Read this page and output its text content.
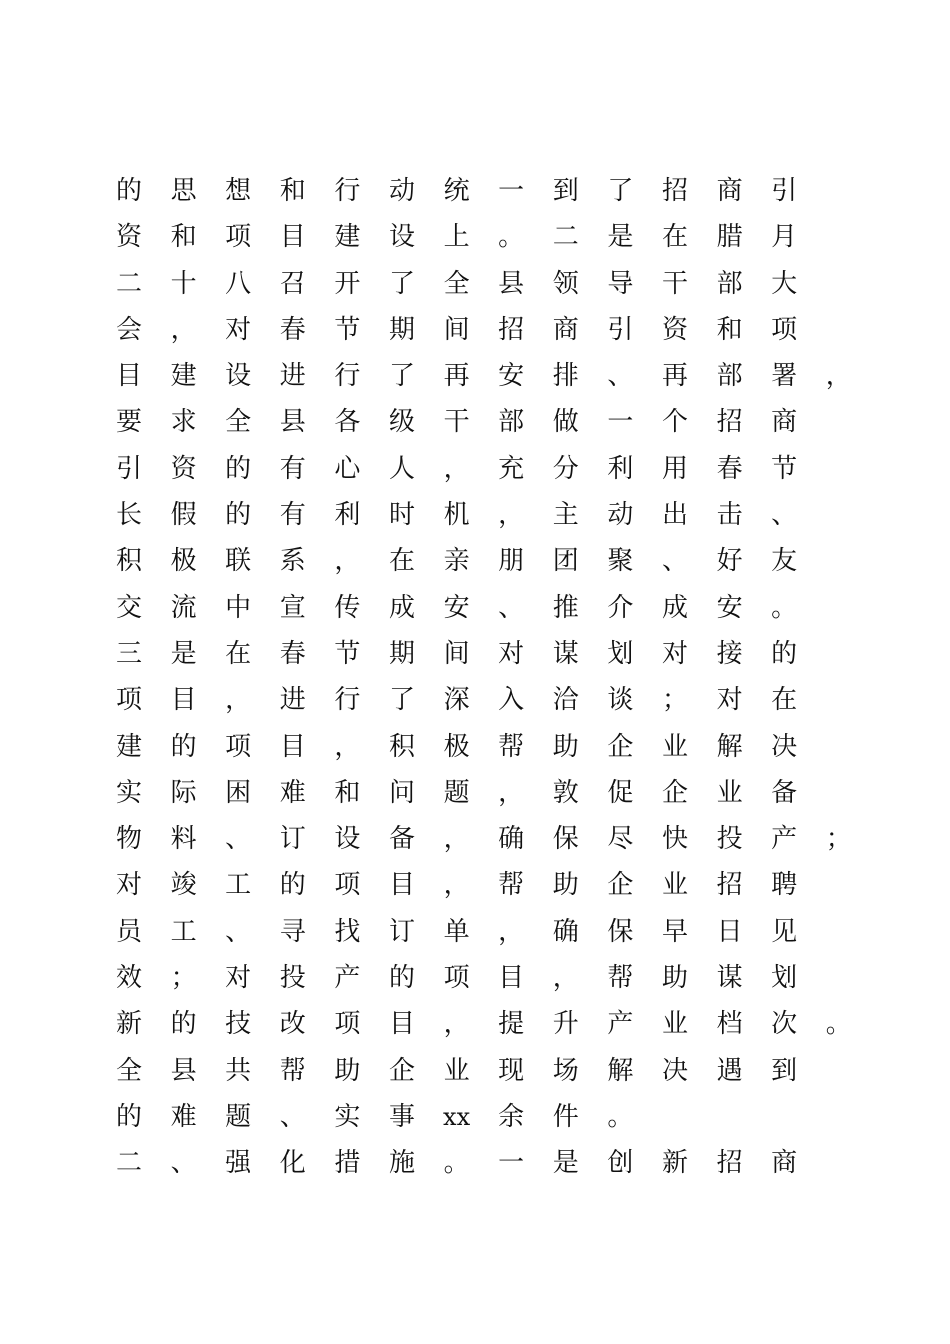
的 思 想 和 行 动 统 一 到 了 招 商 引
资 和 项 目 建 设 上 。 二 是 在 腊 月
二 十 八 召 开 了 全 县 领 导 干 部 大
会 ， 对 春 节 期 间 招 商 引 资 和 项
目 建 设 进 行 了 再 安 排 、 再 部 署 ，
要 求 全 县 各 级 干 部 做 一 个 招 商
引 资 的 有 心 人 ， 充 分 利 用 春 节
长 假 的 有 利 时 机 ， 主 动 出 击 、
积 极 联 系 ， 在 亲 朋 团 聚 、 好 友
交 流 中 宣 传 成 安 、 推 介 成 安 。
三 是 在 春 节 期 间 对 谋 划 对 接 的
项 目 ， 进 行 了 深 入 洽 谈 ； 对 在
建 的 项 目 ， 积 极 帮 助 企 业 解 决
实 际 困 难 和 问 题 ， 敦 促 企 业 备
物 料 、 订 设 备 ， 确 保 尽 快 投 产 ；
对 竣 工 的 项 目 ， 帮 助 企 业 招 聘
员 工 、 寻 找 订 单 ， 确 保 早 日 见
效 ； 对 投 产 的 项 目 ， 帮 助 谋 划
新 的 技 改 项 目 ， 提 升 产 业 档 次 。
全 县 共 帮 助 企 业 现 场 解 决 遇 到
的 难 题 、 实 事 xx 余 件 。
二 、 强 化 措 施 。 一 是 创 新 招 商
